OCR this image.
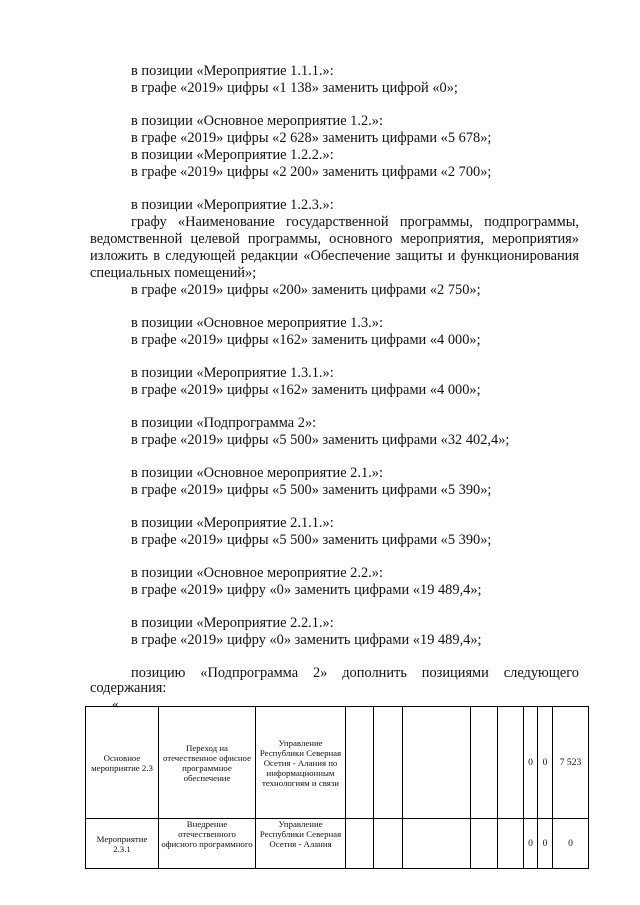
в позиции «Мероприятие 1.1.1.»:
в графе «2019» цифры «1 138» заменить цифрой «0»;
в позиции «Основное мероприятие 1.2.»:
в графе «2019» цифры «2 628» заменить цифрами «5 678»;
в позиции «Мероприятие 1.2.2.»:
в графе «2019» цифры «2 200» заменить цифрами «2 700»;
в позиции «Мероприятие 1.2.3.»:
графу «Наименование государственной программы, подпрограммы,
ведомственной целевой программы, основного мероприятия, мероприятия»
изложить в следующей редакции «Обеспечение защиты и функционирования
специальных помещений»;
в графе «2019» цифры «200» заменить цифрами «2 750»;
в позиции «Основное мероприятие 1.3.»:
в графе «2019» цифры «162» заменить цифрами «4 000»;
в позиции «Мероприятие 1.3.1.»:
в графе «2019» цифры «162» заменить цифрами «4 000»;
в позиции «Подпрограмма 2»:
в графе «2019» цифры «5 500» заменить цифрами «32 402,4»;
в позиции «Основное мероприятие 2.1.»:
в графе «2019» цифры «5 500» заменить цифрами «5 390»;
в позиции «Мероприятие 2.1.1.»:
в графе «2019» цифры «5 500» заменить цифрами «5 390»;
в позиции «Основное мероприятие 2.2.»:
в графе «2019» цифру «0» заменить цифрами «19 489,4»;
в позиции «Мероприятие 2.2.1.»:
в графе «2019» цифру «0» заменить цифрами «19 489,4»;
позицию «Подпрограмма 2» дополнить позициями следующего
содержания:
«
Основное мероприятие 2.3	Переход на отечественное офисное программное обеспечение	Управление Республики Северная Осетия - Алания по информационным технологиям и связи						0	0	7 523
Мероприятие 2.3.1	Внедрение отечественного офисного программного	Управление Республики Северная Осетия - Алания						0	0	0
